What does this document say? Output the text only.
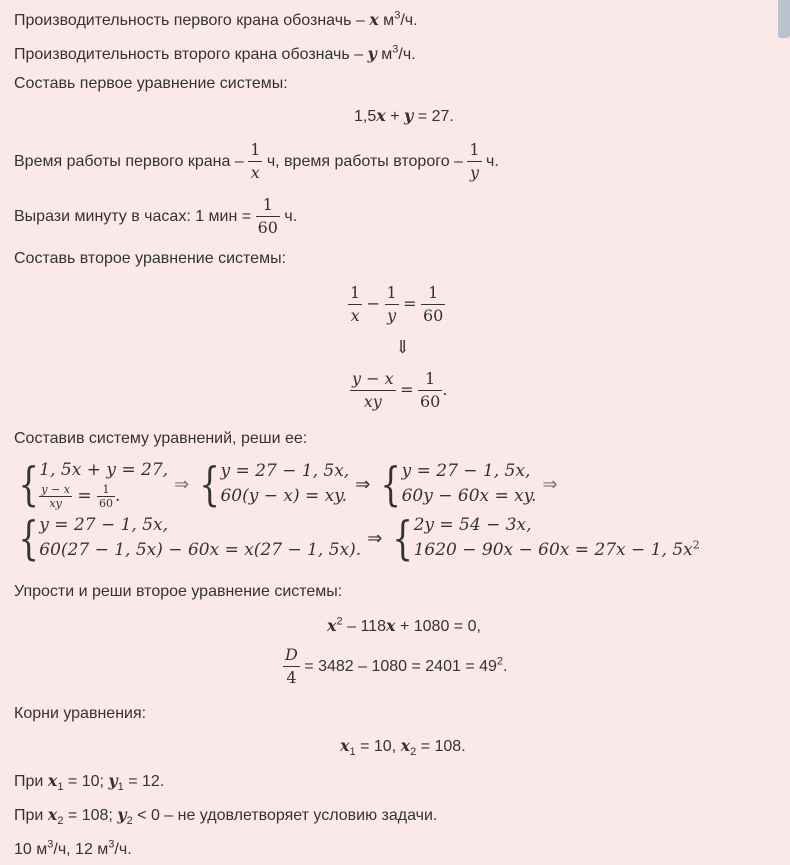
Производительность первого крана обозначь – x $м^3/ч$.
Производительность второго крана обозначь – y $м^3/ч$.
Составь первое уравнение системы:
1,5x + y = 27.
Время работы первого крана – $\frac{1}{x} ч$, время работы второго – $\frac{1}{y} ч$.
Вырази минуту в часах: 1 мин = $\frac{1}{60} ч$.
Составь второе уравнение системы:
$\frac{1}{x} - \frac{1}{y} = \frac{1}{60}$
⇓
$\frac{y - x}{xy} = \frac{1}{60}$ .
Составив систему уравнений, реши ее:
{ 1, 5x + y = 27,
$\frac{y - x}{xy} = \frac{1}{60}$ .
⇒ { y = 27 − 1, 5x,
60(y − x) = xy.
⇒ { y = 27 − 1, 5x,
60y − 60x = xy.
⇒
{ y = 27 − 1, 5x,
60(27 − 1, 5x) − 60x = x(27 − 1, 5x).
⇒ { 2y = 54 − 3x,
1620 − 90x − 60x = 27x − 1, $5x^2$
Упрости и реши второе уравнение системы:
$x^2 - 118x + 1080 = 0$,
$\frac{D}{4} = 3482 - 1080 = 2401 = 49^2$.
Корни уравнения:
$x_1 = 10$, $x_2 = 108$.
При $x_1 = 10$; $y_1 = 12$.
При $x_2 = 108$; $y_2 < 0$ – не удовлетворяет условию задачи.
10 $м^3/ч$, 12 $м^3/ч$.
